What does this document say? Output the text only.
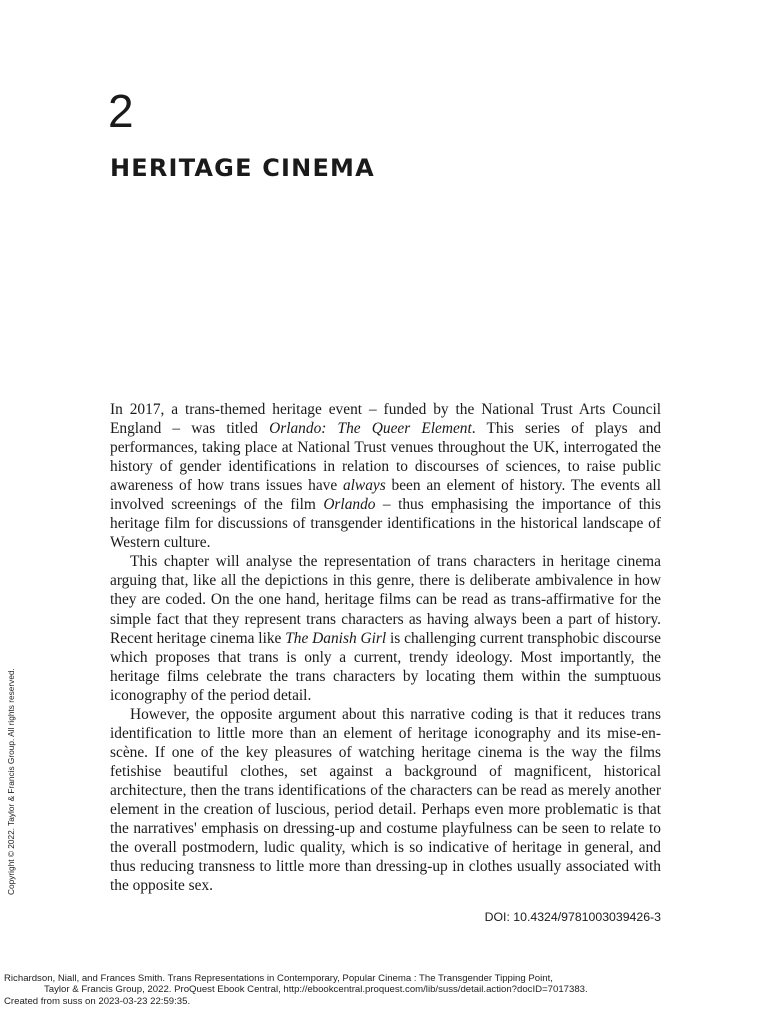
2
HERITAGE CINEMA

In 2017, a trans-themed heritage event – funded by the National Trust Arts Council England – was titled Orlando: The Queer Element. This series of plays and performances, taking place at National Trust venues throughout the UK, interrogated the history of gender identifications in relation to discourses of sciences, to raise public awareness of how trans issues have always been an element of history. The events all involved screenings of the film Orlando – thus emphasising the importance of this heritage film for discussions of transgender identifications in the historical landscape of Western culture.

This chapter will analyse the representation of trans characters in heritage cinema arguing that, like all the depictions in this genre, there is deliberate ambivalence in how they are coded. On the one hand, heritage films can be read as trans-affirmative for the simple fact that they represent trans characters as having always been a part of history. Recent heritage cinema like The Danish Girl is challenging current transphobic discourse which proposes that trans is only a current, trendy ideology. Most importantly, the heritage films celebrate the trans characters by locating them within the sumptuous iconography of the period detail.

However, the opposite argument about this narrative coding is that it reduces trans identification to little more than an element of heritage iconography and its mise-en-scène. If one of the key pleasures of watching heritage cinema is the way the films fetishise beautiful clothes, set against a background of magnificent, historical architecture, then the trans identifications of the characters can be read as merely another element in the creation of luscious, period detail. Perhaps even more problematic is that the narratives' emphasis on dressing-up and costume playfulness can be seen to relate to the overall postmodern, ludic quality, which is so indicative of heritage in general, and thus reducing transness to little more than dressing-up in clothes usually associated with the opposite sex.

DOI: 10.4324/9781003039426-3

Copyright © 2022. Taylor & Francis Group. All rights reserved.
Richardson, Niall, and Frances Smith. Trans Representations in Contemporary, Popular Cinema : The Transgender Tipping Point,
Taylor & Francis Group, 2022. ProQuest Ebook Central, http://ebookcentral.proquest.com/lib/suss/detail.action?docID=7017383.
Created from suss on 2023-03-23 22:59:35.
